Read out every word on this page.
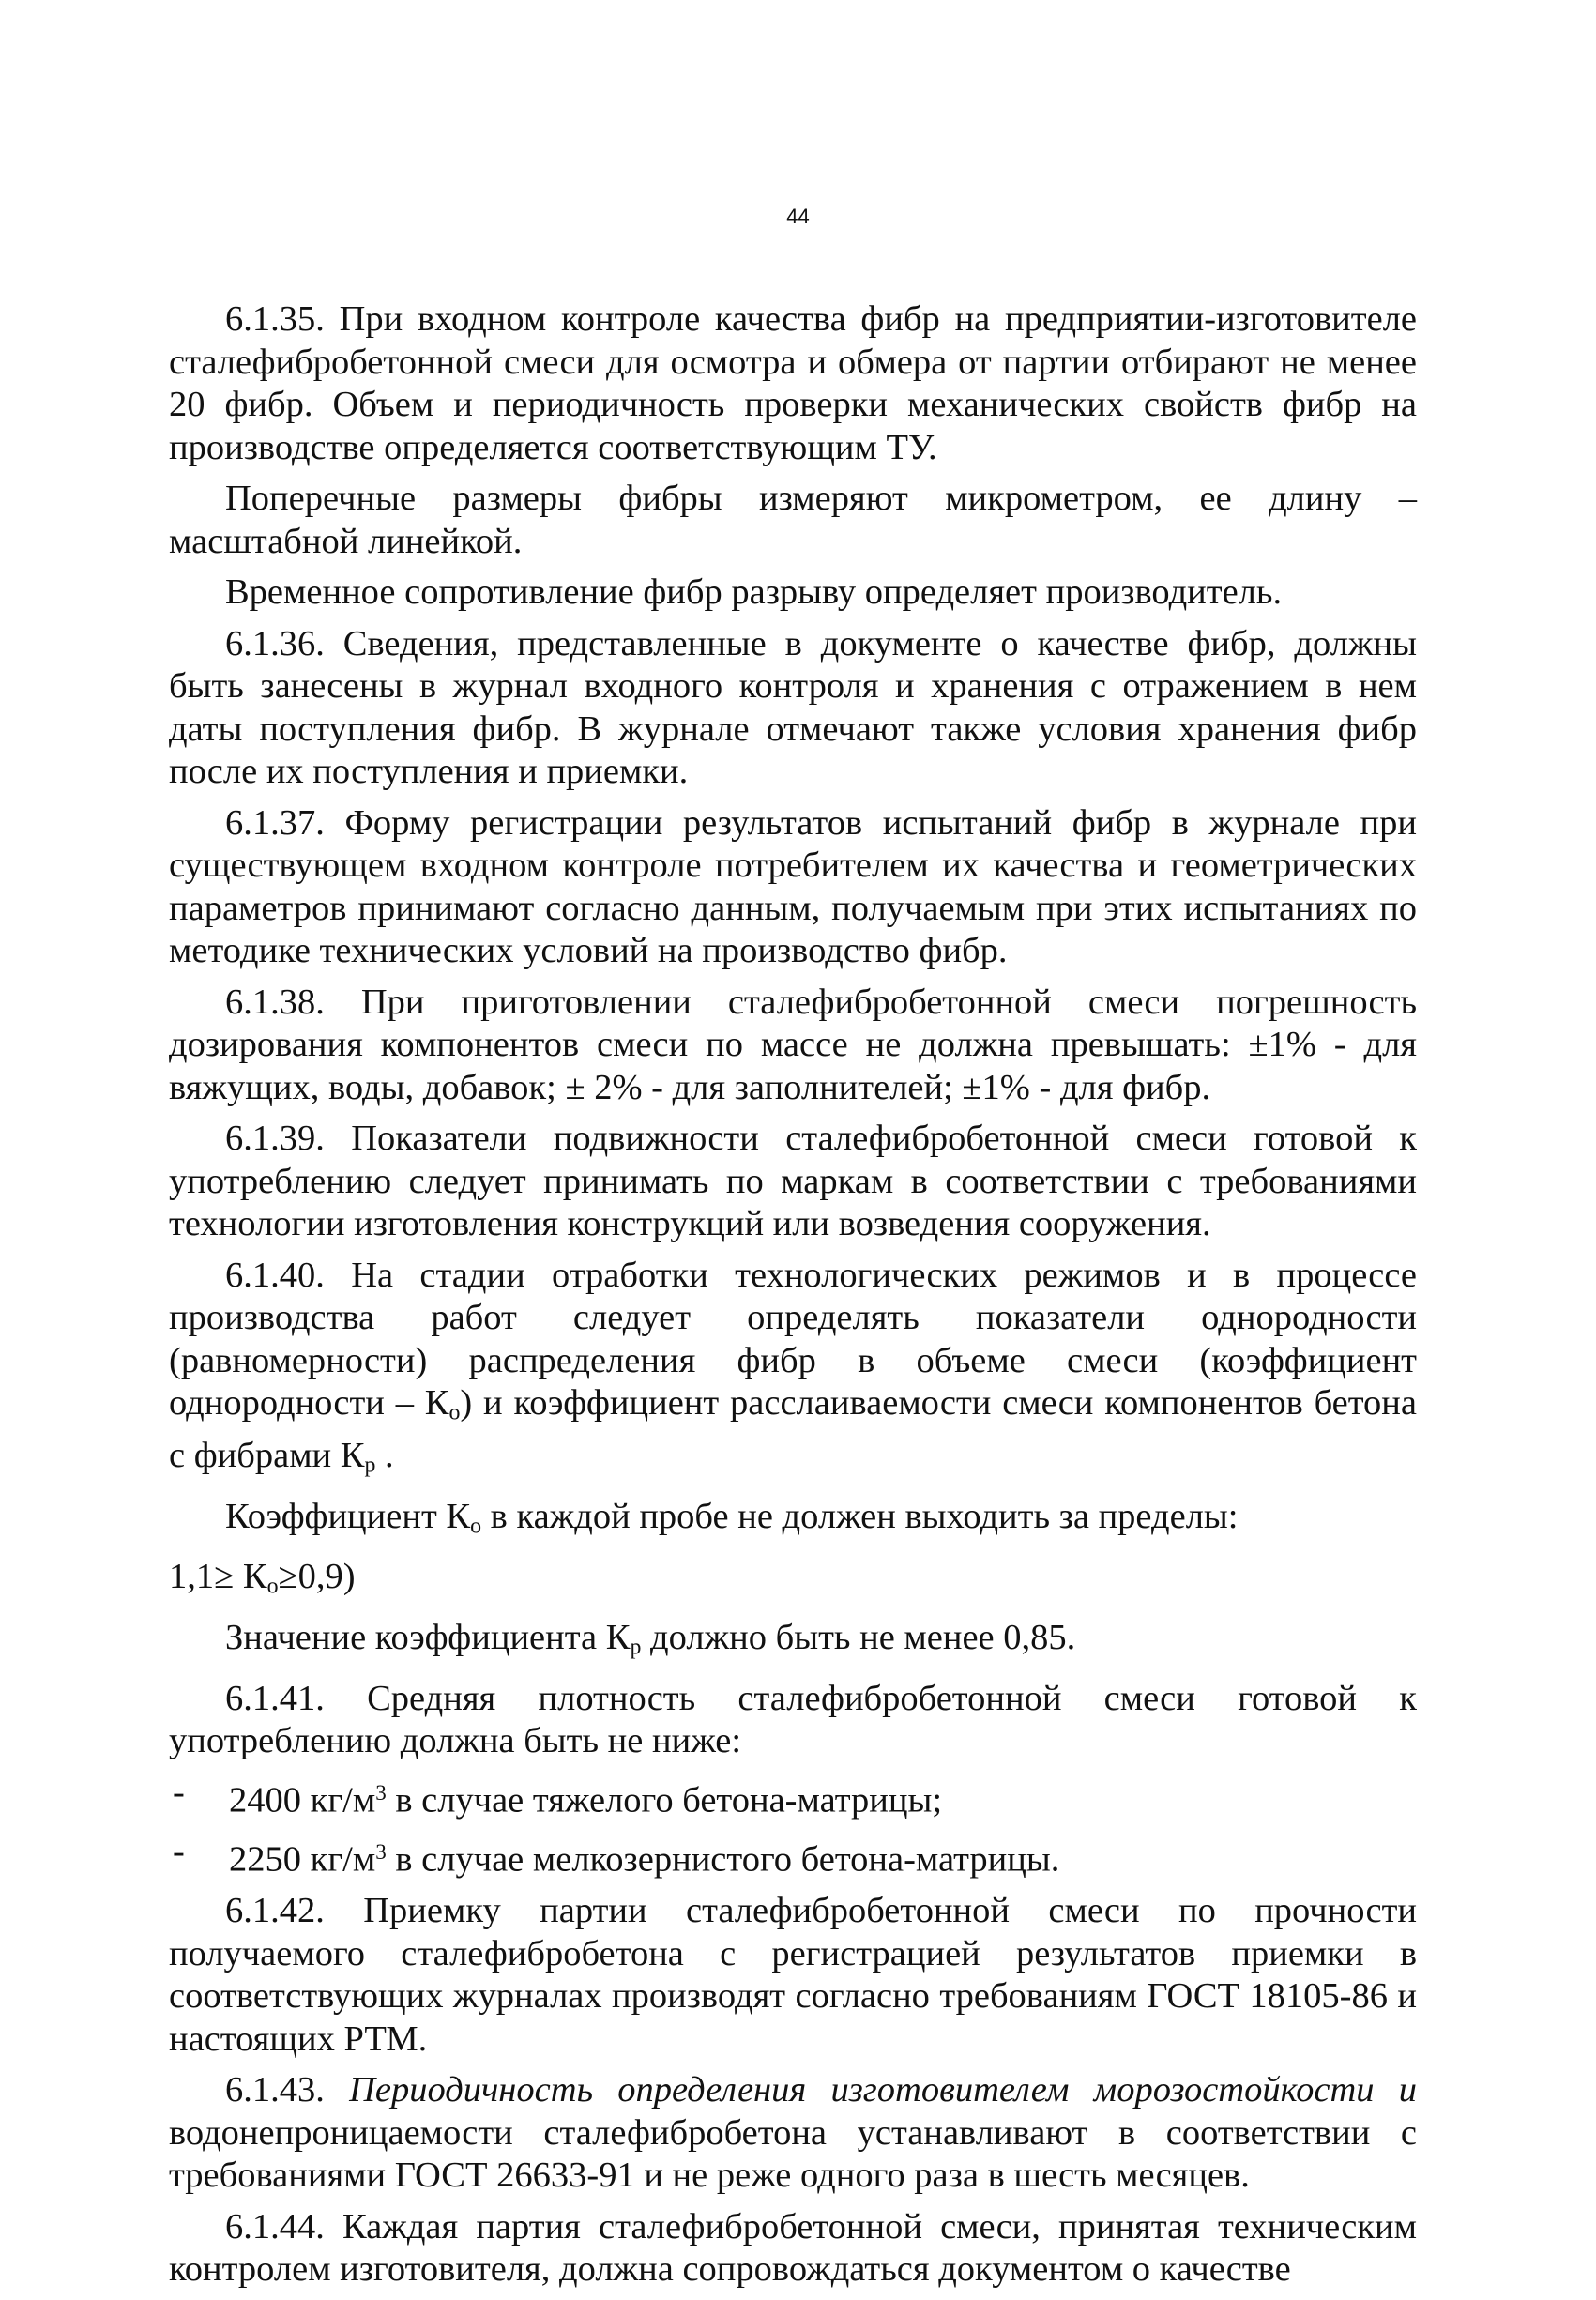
44

6.1.35. При входном контроле качества фибр на предприятии-изготовителе сталефибробетонной смеси для осмотра и обмера от партии отбирают не менее 20 фибр. Объем и периодичность проверки механических свойств фибр на производстве определяется соответствующим ТУ.

Поперечные размеры фибры измеряют микрометром, ее длину – масштабной линейкой.

Временное сопротивление фибр разрыву определяет производитель.

6.1.36. Сведения, представленные в документе о качестве фибр, должны быть занесены в журнал входного контроля и хранения с отражением в нем даты поступления фибр. В журнале отмечают также условия хранения фибр после их поступления и приемки.

6.1.37. Форму регистрации результатов испытаний фибр в журнале при существующем входном контроле потребителем их качества и геометрических параметров принимают согласно данным, получаемым при этих испытаниях по методике технических условий на производство фибр.

6.1.38. При приготовлении сталефибробетонной смеси погрешность дозирования компонентов смеси по массе не должна превышать: ±1% - для вяжущих, воды, добавок; ± 2% - для заполнителей; ±1% - для фибр.

6.1.39. Показатели подвижности сталефибробетонной смеси готовой к употреблению следует принимать по маркам в соответствии с требованиями технологии изготовления конструкций или возведения сооружения.

6.1.40. На стадии отработки технологических режимов и в процессе производства работ следует определять показатели однородности (равномерности) распределения фибр в объеме смеси (коэффициент однородности – $К_о$) и коэффициент расслаиваемости смеси компонентов бетона с фибрами $К_р$ .

Коэффициент $К_о$ в каждой пробе не должен выходить за пределы:

$1,1\ge К_о\ge 0,9$)

Значение коэффициента $К_р$ должно быть не менее 0,85.

6.1.41. Средняя плотность сталефибробетонной смеси готовой к употреблению должна быть не ниже:

-	2400 $кг/м^3$ в случае тяжелого бетона-матрицы;
-	2250 $кг/м^3$ в случае мелкозернистого бетона-матрицы.

6.1.42. Приемку партии сталефибробетонной смеси по прочности получаемого сталефибробетона с регистрацией результатов приемки в соответствующих журналах производят согласно требованиям ГОСТ 18105-86 и настоящих РТМ.

6.1.43. Периодичность определения изготовителем морозостойкости и водонепроницаемости сталефибробетона устанавливают в соответствии с требованиями ГОСТ 26633-91 и не реже одного раза в шесть месяцев.

6.1.44. Каждая партия сталефибробетонной смеси, принятая техническим контролем изготовителя, должна сопровождаться документом о качестве
